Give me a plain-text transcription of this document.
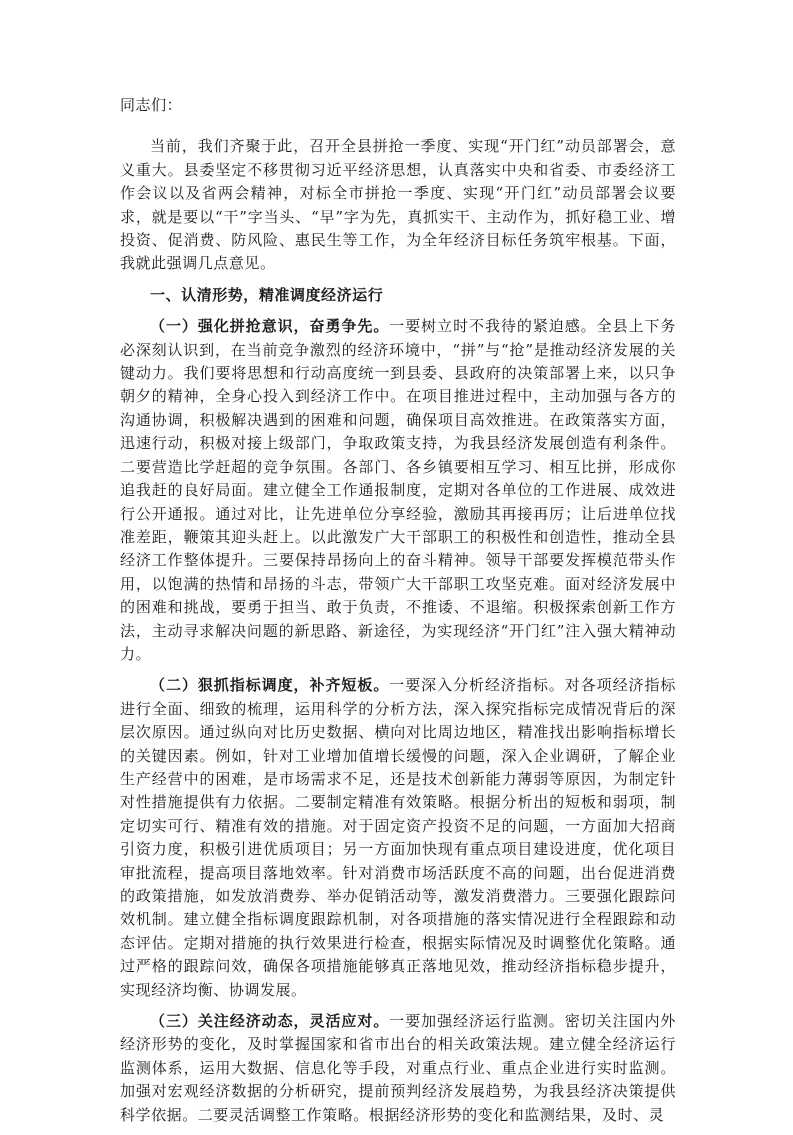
同志们：

当前，我们齐聚于此，召开全县拼抢一季度、实现“开门红”动员部署会，意义重大。县委坚定不移贯彻习近平经济思想，认真落实中央和省委、市委经济工作会议以及省两会精神，对标全市拼抢一季度、实现“开门红”动员部署会议要求，就是要以“干”字当头、“早”字为先，真抓实干、主动作为，抓好稳工业、增投资、促消费、防风险、惠民生等工作，为全年经济目标任务筑牢根基。下面，我就此强调几点意见。

一、认清形势，精准调度经济运行

（一）强化拼抢意识，奋勇争先。一要树立时不我待的紧迫感。全县上下务必深刻认识到，在当前竞争激烈的经济环境中，“拼”与“抢”是推动经济发展的关键动力。我们要将思想和行动高度统一到县委、县政府的决策部署上来，以只争朝夕的精神，全身心投入到经济工作中。在项目推进过程中，主动加强与各方的沟通协调，积极解决遇到的困难和问题，确保项目高效推进。在政策落实方面，迅速行动，积极对接上级部门，争取政策支持，为我县经济发展创造有利条件。二要营造比学赶超的竞争氛围。各部门、各乡镇要相互学习、相互比拼，形成你追我赶的良好局面。建立健全工作通报制度，定期对各单位的工作进展、成效进行公开通报。通过对比，让先进单位分享经验，激励其再接再厉；让后进单位找准差距，鞭策其迎头赶上。以此激发广大干部职工的积极性和创造性，推动全县经济工作整体提升。三要保持昂扬向上的奋斗精神。领导干部要发挥模范带头作用，以饱满的热情和昂扬的斗志，带领广大干部职工攻坚克难。面对经济发展中的困难和挑战，要勇于担当、敢于负责，不推诿、不退缩。积极探索创新工作方法，主动寻求解决问题的新思路、新途径，为实现经济“开门红”注入强大精神动力。

（二）狠抓指标调度，补齐短板。一要深入分析经济指标。对各项经济指标进行全面、细致的梳理，运用科学的分析方法，深入探究指标完成情况背后的深层次原因。通过纵向对比历史数据、横向对比周边地区，精准找出影响指标增长的关键因素。例如，针对工业增加值增长缓慢的问题，深入企业调研，了解企业生产经营中的困难，是市场需求不足，还是技术创新能力薄弱等原因，为制定针对性措施提供有力依据。二要制定精准有效策略。根据分析出的短板和弱项，制定切实可行、精准有效的措施。对于固定资产投资不足的问题，一方面加大招商引资力度，积极引进优质项目；另一方面加快现有重点项目建设进度，优化项目审批流程，提高项目落地效率。针对消费市场活跃度不高的问题，出台促进消费的政策措施，如发放消费券、举办促销活动等，激发消费潜力。三要强化跟踪问效机制。建立健全指标调度跟踪机制，对各项措施的落实情况进行全程跟踪和动态评估。定期对措施的执行效果进行检查，根据实际情况及时调整优化策略。通过严格的跟踪问效，确保各项措施能够真正落地见效，推动经济指标稳步提升，实现经济均衡、协调发展。

（三）关注经济动态，灵活应对。一要加强经济运行监测。密切关注国内外经济形势的变化，及时掌握国家和省市出台的相关政策法规。建立健全经济运行监测体系，运用大数据、信息化等手段，对重点行业、重点企业进行实时监测。加强对宏观经济数据的分析研究，提前预判经济发展趋势，为我县经济决策提供科学依据。二要灵活调整工作策略。根据经济形势的变化和监测结果，及时、灵
